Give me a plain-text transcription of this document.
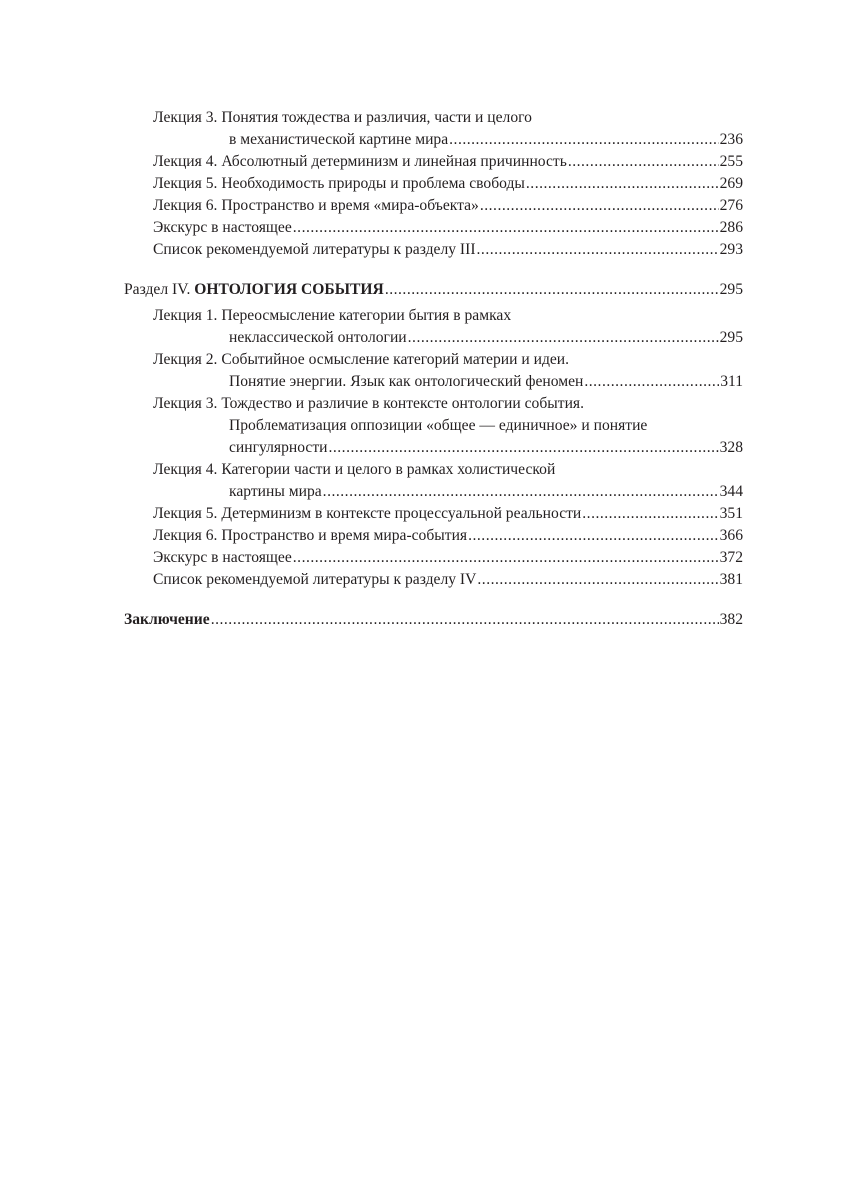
Лекция 3. Понятия тождества и различия, части и целого
в механистической картине мира .....	236
Лекция 4. Абсолютный детерминизм и линейная причинность .....	255
Лекция 5. Необходимость природы и проблема свободы .....	269
Лекция 6. Пространство и время «мира-объекта» .....	276
Экскурс в настоящее .....	286
Список рекомендуемой литературы к разделу III .....	293
Раздел IV. ОНТОЛОГИЯ СОБЫТИЯ .....	295
Лекция 1. Переосмысление категории бытия в рамках
неклассической онтологии .....	295
Лекция 2. Событийное осмысление категорий материи и идеи.
Понятие энергии. Язык как онтологический феномен .....	311
Лекция 3. Тождество и различие в контексте онтологии события.
Проблематизация оппозиции «общее — единичное» и понятие
сингулярности .....	328
Лекция 4. Категории части и целого в рамках холистической
картины мира .....	344
Лекция 5. Детерминизм в контексте процессуальной реальности .....	351
Лекция 6. Пространство и время мира-события .....	366
Экскурс в настоящее .....	372
Список рекомендуемой литературы к разделу IV .....	381
Заключение .....	382
